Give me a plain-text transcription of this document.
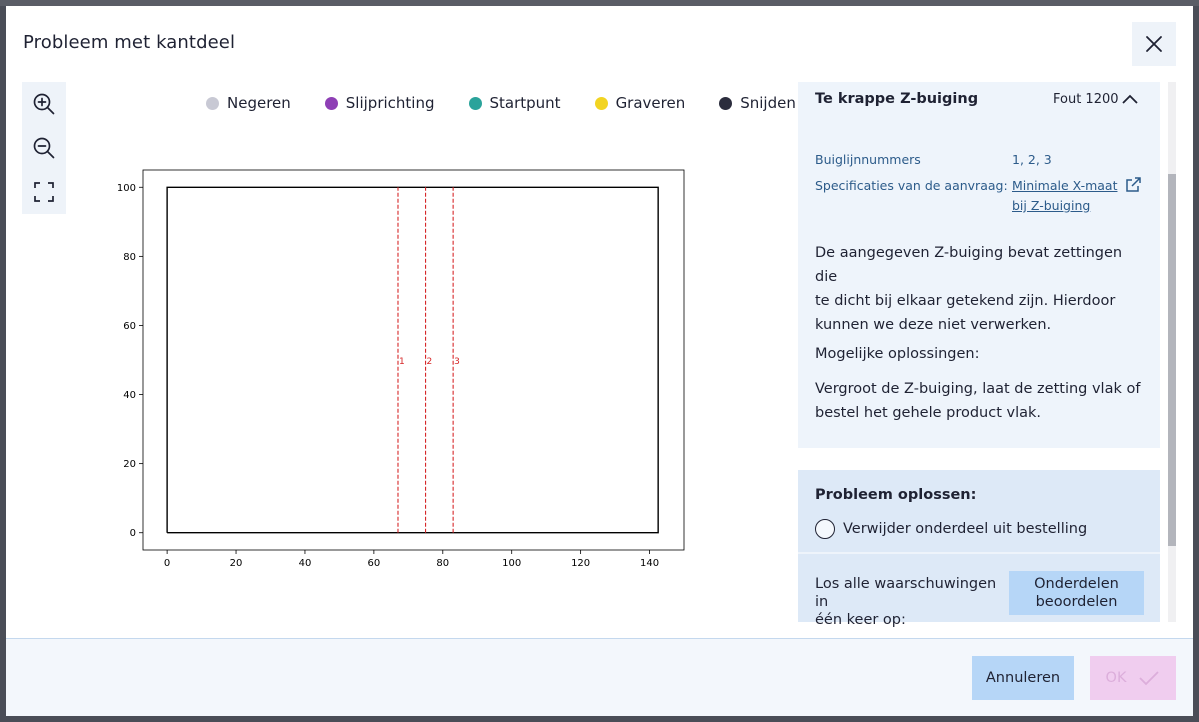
Probleem met kantdeel
Negeren	Slijprichting	Startpunt	Graveren	Snijden
0	20	40	60	80	100	120	140
0
20
40
60
80
100
1 2 3
Te krappe Z-buiging	Fout 1200
Buiglijnnummers	1, 2, 3
Specificaties van de aanvraag: Minimale X-maat
bij Z-buiging
De aangegeven Z-buiging bevat zettingen die
te dicht bij elkaar getekend zijn. Hierdoor
kunnen we deze niet verwerken.
Mogelijke oplossingen:
Vergroot de Z-buiging, laat de zetting vlak of
bestel het gehele product vlak.
Probleem oplossen:
Verwijder onderdeel uit bestelling
Los alle waarschuwingen in
één keer op:
Onderdelen
beoordelen
Annuleren	OK
